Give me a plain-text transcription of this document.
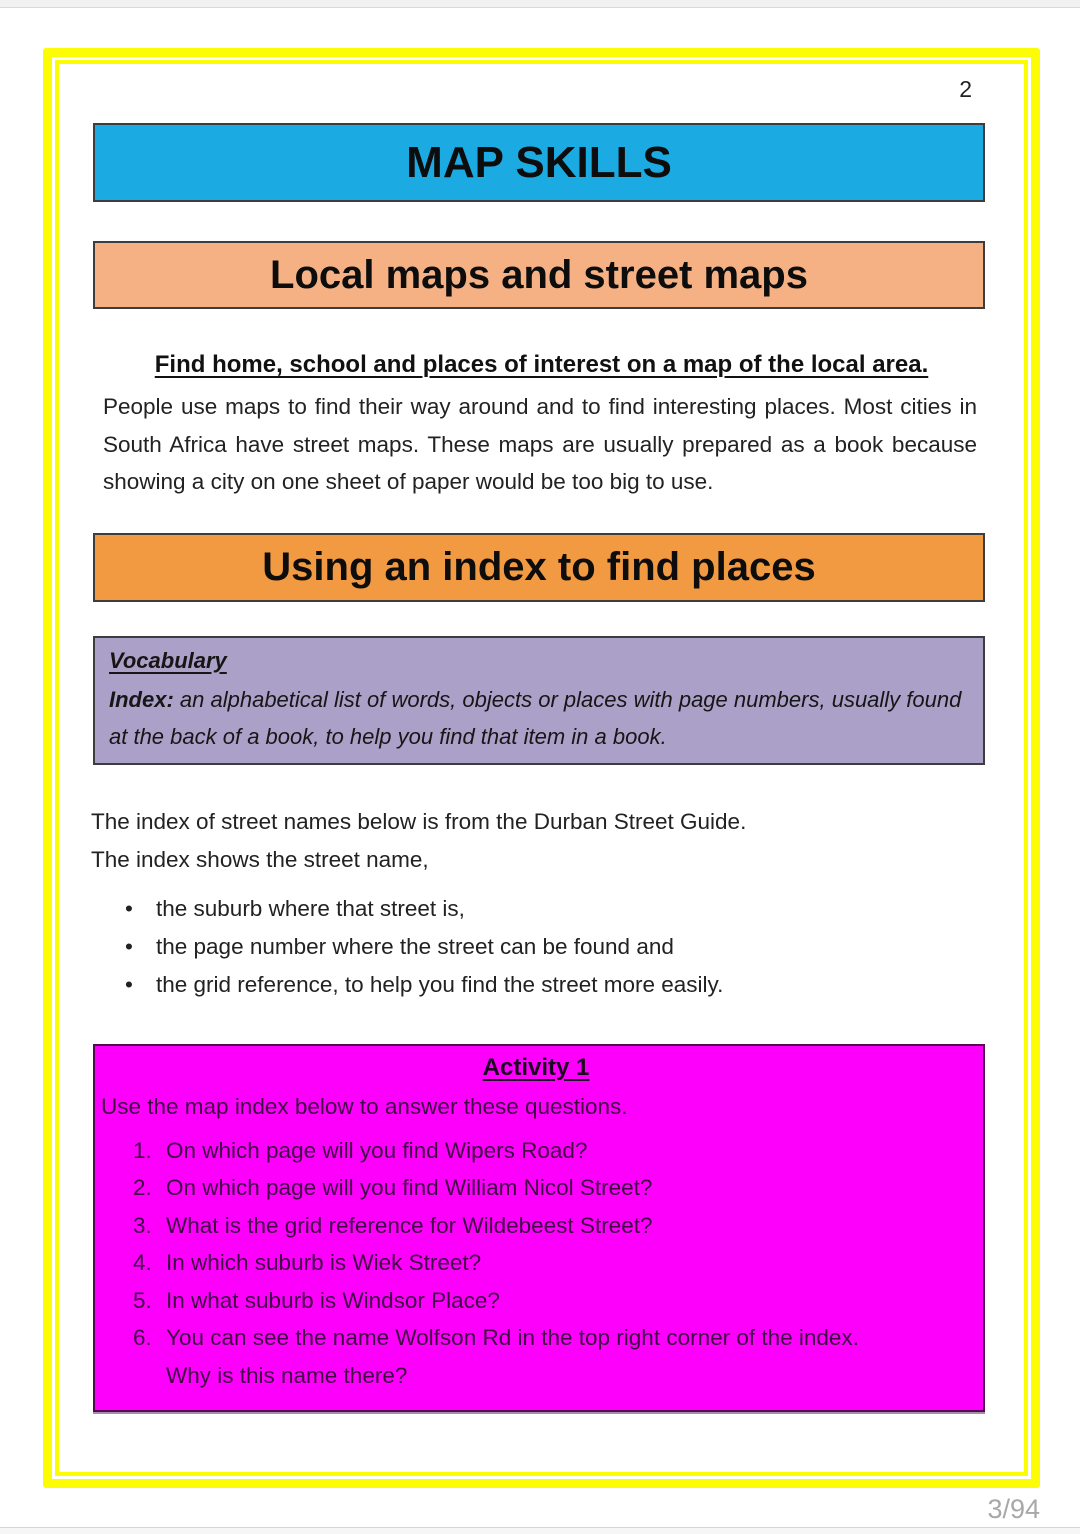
2
MAP SKILLS
Local maps and street maps
Find home, school and places of interest on a map of the local area.

People use maps to find their way around and to find interesting places. Most cities in South Africa have street maps. These maps are usually prepared as a book because showing a city on one sheet of paper would be too big to use.

Using an index to find places
Vocabulary

Index: an alphabetical list of words, objects or places with page numbers, usually found at the back of a book, to help you find that item in a book.

The index of street names below is from the Durban Street Guide.
The index shows the street name,
•	the suburb where that street is,
•	the page number where the street can be found and
•	the grid reference, to help you find the street more easily.
Activity 1

Use the map index below to answer these questions.

1. On which page will you find Wipers Road?
2. On which page will you find William Nicol Street?
3. What is the grid reference for Wildebeest Street?
4. In which suburb is Wiek Street?
5. In what suburb is Windsor Place?
6. You can see the name Wolfson Rd in the top right corner of the index.
Why is this name there?
3/94
